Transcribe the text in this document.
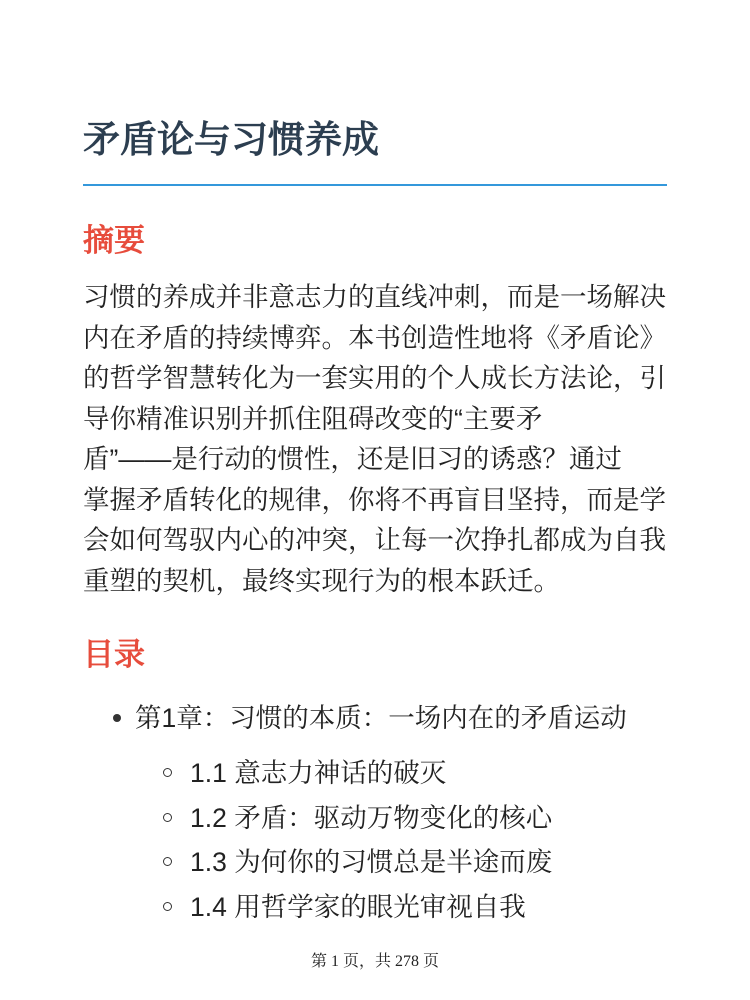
矛盾论与习惯养成
摘要

习惯的养成并非意志力的直线冲刺，而是一场解决
内在矛盾的持续博弈。本书创造性地将《矛盾论》
的哲学智慧转化为一套实用的个人成长方法论，引
导你精准识别并抓住阻碍改变的“主要矛
盾”——是行动的惯性，还是旧习的诱惑？通过
掌握矛盾转化的规律，你将不再盲目坚持，而是学
会如何驾驭内心的冲突，让每一次挣扎都成为自我
重塑的契机，最终实现行为的根本跃迁。

目录
第1章：习惯的本质：一场内在的矛盾运动
1.1 意志力神话的破灭
1.2 矛盾：驱动万物变化的核心
1.3 为何你的习惯总是半途而废
1.4 用哲学家的眼光审视自我
第 1 页，共 278 页
